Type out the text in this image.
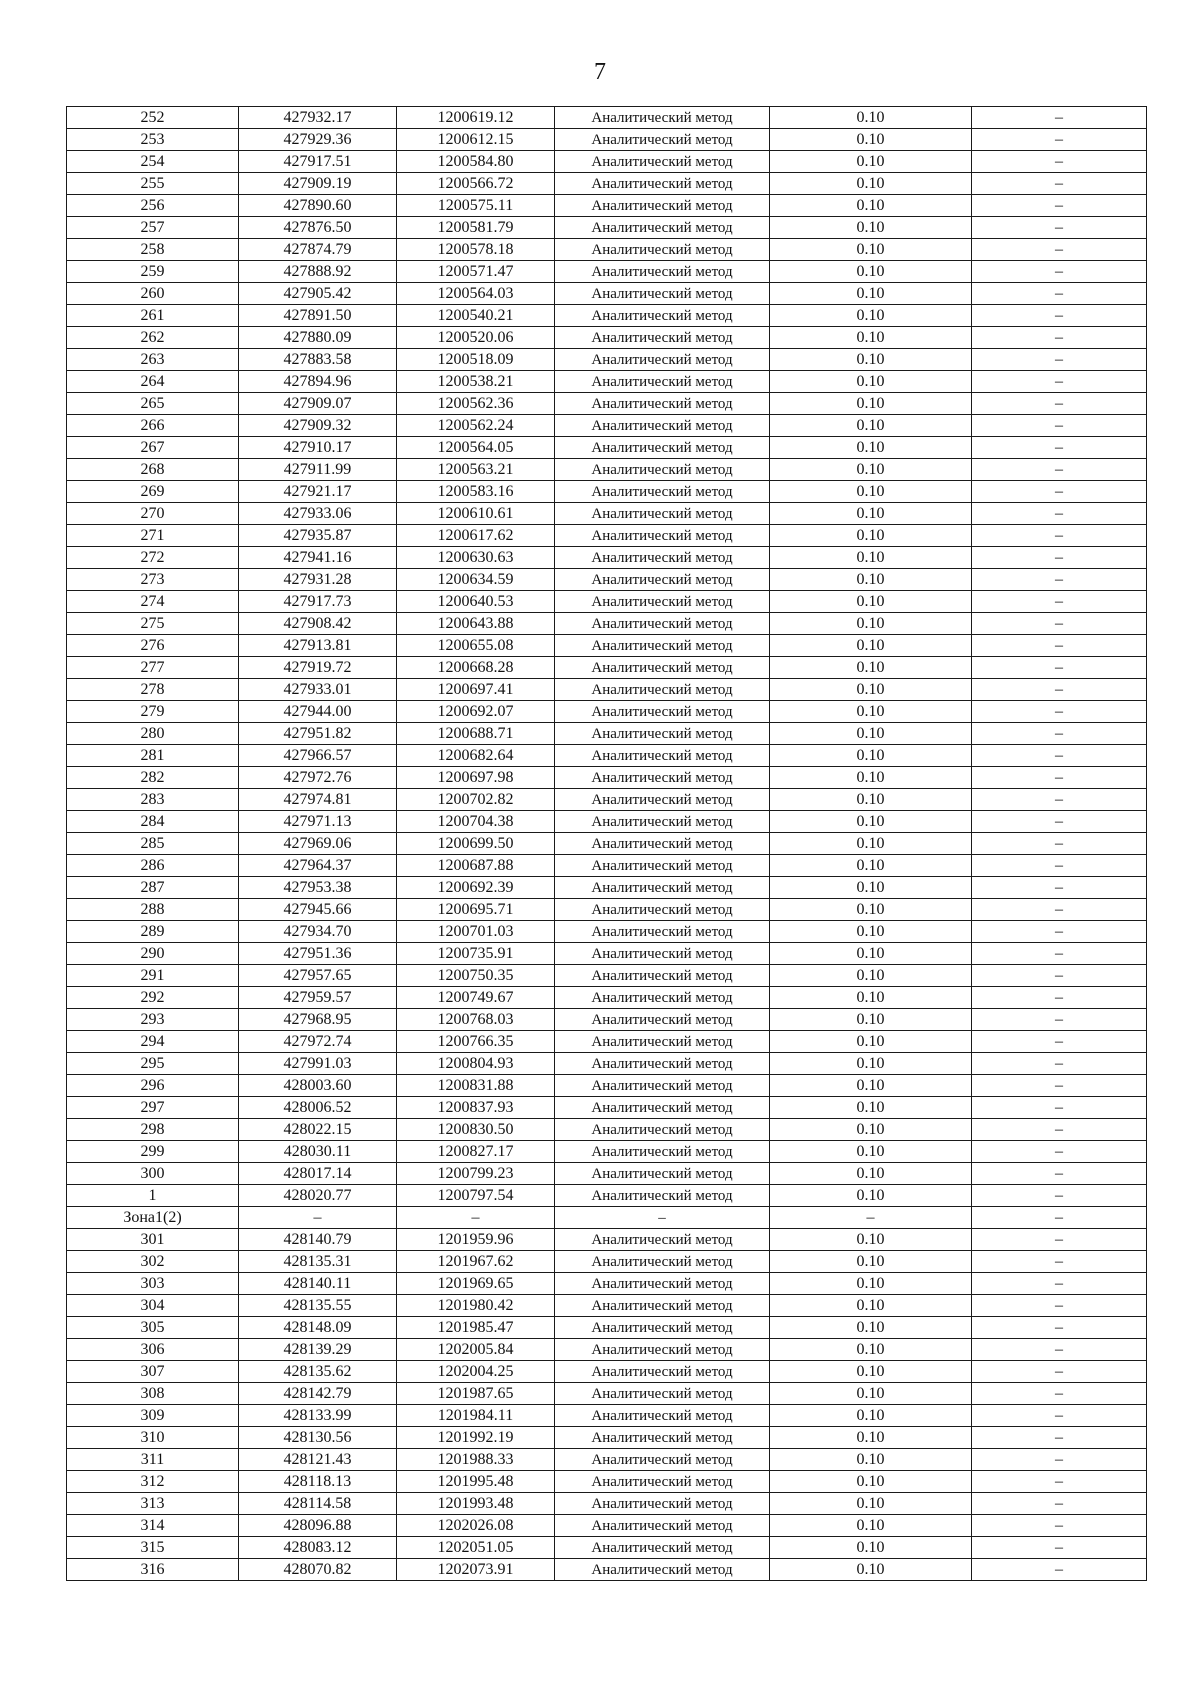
7
252	427932.17	1200619.12	Аналитический метод	0.10	–
253	427929.36	1200612.15	Аналитический метод	0.10	–
254	427917.51	1200584.80	Аналитический метод	0.10	–
255	427909.19	1200566.72	Аналитический метод	0.10	–
256	427890.60	1200575.11	Аналитический метод	0.10	–
257	427876.50	1200581.79	Аналитический метод	0.10	–
258	427874.79	1200578.18	Аналитический метод	0.10	–
259	427888.92	1200571.47	Аналитический метод	0.10	–
260	427905.42	1200564.03	Аналитический метод	0.10	–
261	427891.50	1200540.21	Аналитический метод	0.10	–
262	427880.09	1200520.06	Аналитический метод	0.10	–
263	427883.58	1200518.09	Аналитический метод	0.10	–
264	427894.96	1200538.21	Аналитический метод	0.10	–
265	427909.07	1200562.36	Аналитический метод	0.10	–
266	427909.32	1200562.24	Аналитический метод	0.10	–
267	427910.17	1200564.05	Аналитический метод	0.10	–
268	427911.99	1200563.21	Аналитический метод	0.10	–
269	427921.17	1200583.16	Аналитический метод	0.10	–
270	427933.06	1200610.61	Аналитический метод	0.10	–
271	427935.87	1200617.62	Аналитический метод	0.10	–
272	427941.16	1200630.63	Аналитический метод	0.10	–
273	427931.28	1200634.59	Аналитический метод	0.10	–
274	427917.73	1200640.53	Аналитический метод	0.10	–
275	427908.42	1200643.88	Аналитический метод	0.10	–
276	427913.81	1200655.08	Аналитический метод	0.10	–
277	427919.72	1200668.28	Аналитический метод	0.10	–
278	427933.01	1200697.41	Аналитический метод	0.10	–
279	427944.00	1200692.07	Аналитический метод	0.10	–
280	427951.82	1200688.71	Аналитический метод	0.10	–
281	427966.57	1200682.64	Аналитический метод	0.10	–
282	427972.76	1200697.98	Аналитический метод	0.10	–
283	427974.81	1200702.82	Аналитический метод	0.10	–
284	427971.13	1200704.38	Аналитический метод	0.10	–
285	427969.06	1200699.50	Аналитический метод	0.10	–
286	427964.37	1200687.88	Аналитический метод	0.10	–
287	427953.38	1200692.39	Аналитический метод	0.10	–
288	427945.66	1200695.71	Аналитический метод	0.10	–
289	427934.70	1200701.03	Аналитический метод	0.10	–
290	427951.36	1200735.91	Аналитический метод	0.10	–
291	427957.65	1200750.35	Аналитический метод	0.10	–
292	427959.57	1200749.67	Аналитический метод	0.10	–
293	427968.95	1200768.03	Аналитический метод	0.10	–
294	427972.74	1200766.35	Аналитический метод	0.10	–
295	427991.03	1200804.93	Аналитический метод	0.10	–
296	428003.60	1200831.88	Аналитический метод	0.10	–
297	428006.52	1200837.93	Аналитический метод	0.10	–
298	428022.15	1200830.50	Аналитический метод	0.10	–
299	428030.11	1200827.17	Аналитический метод	0.10	–
300	428017.14	1200799.23	Аналитический метод	0.10	–
1	428020.77	1200797.54	Аналитический метод	0.10	–
Зона1(2)	–	–	–	–	–
301	428140.79	1201959.96	Аналитический метод	0.10	–
302	428135.31	1201967.62	Аналитический метод	0.10	–
303	428140.11	1201969.65	Аналитический метод	0.10	–
304	428135.55	1201980.42	Аналитический метод	0.10	–
305	428148.09	1201985.47	Аналитический метод	0.10	–
306	428139.29	1202005.84	Аналитический метод	0.10	–
307	428135.62	1202004.25	Аналитический метод	0.10	–
308	428142.79	1201987.65	Аналитический метод	0.10	–
309	428133.99	1201984.11	Аналитический метод	0.10	–
310	428130.56	1201992.19	Аналитический метод	0.10	–
311	428121.43	1201988.33	Аналитический метод	0.10	–
312	428118.13	1201995.48	Аналитический метод	0.10	–
313	428114.58	1201993.48	Аналитический метод	0.10	–
314	428096.88	1202026.08	Аналитический метод	0.10	–
315	428083.12	1202051.05	Аналитический метод	0.10	–
316	428070.82	1202073.91	Аналитический метод	0.10	–
